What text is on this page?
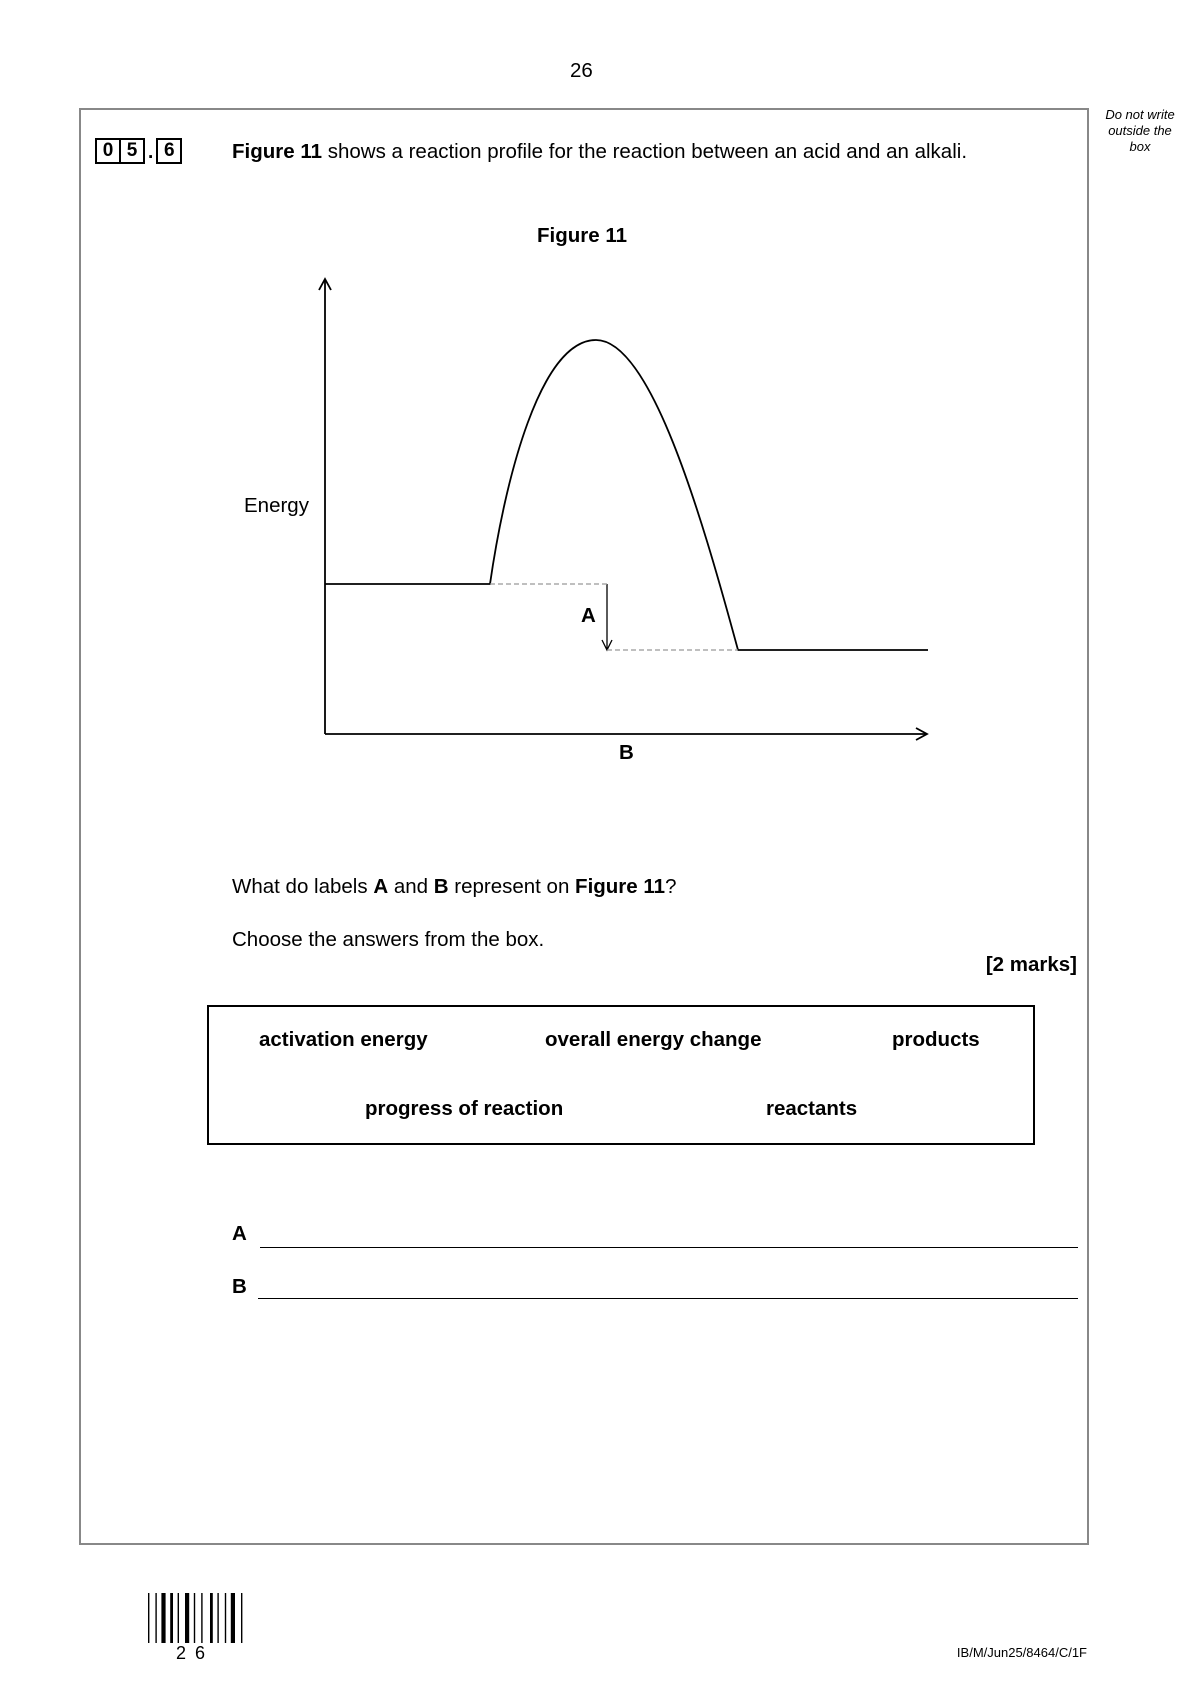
26
Do not write
outside the
box
0 5 . 6	Figure 11 shows a reaction profile for the reaction between an acid and an alkali.
Figure 11
Energy
A
B
What do labels A and B represent on Figure 11?
Choose the answers from the box.
[2 marks]
activation energy	overall energy change	products
progress of reaction	reactants
A
B
2 6	IB/M/Jun25/8464/C/1F
